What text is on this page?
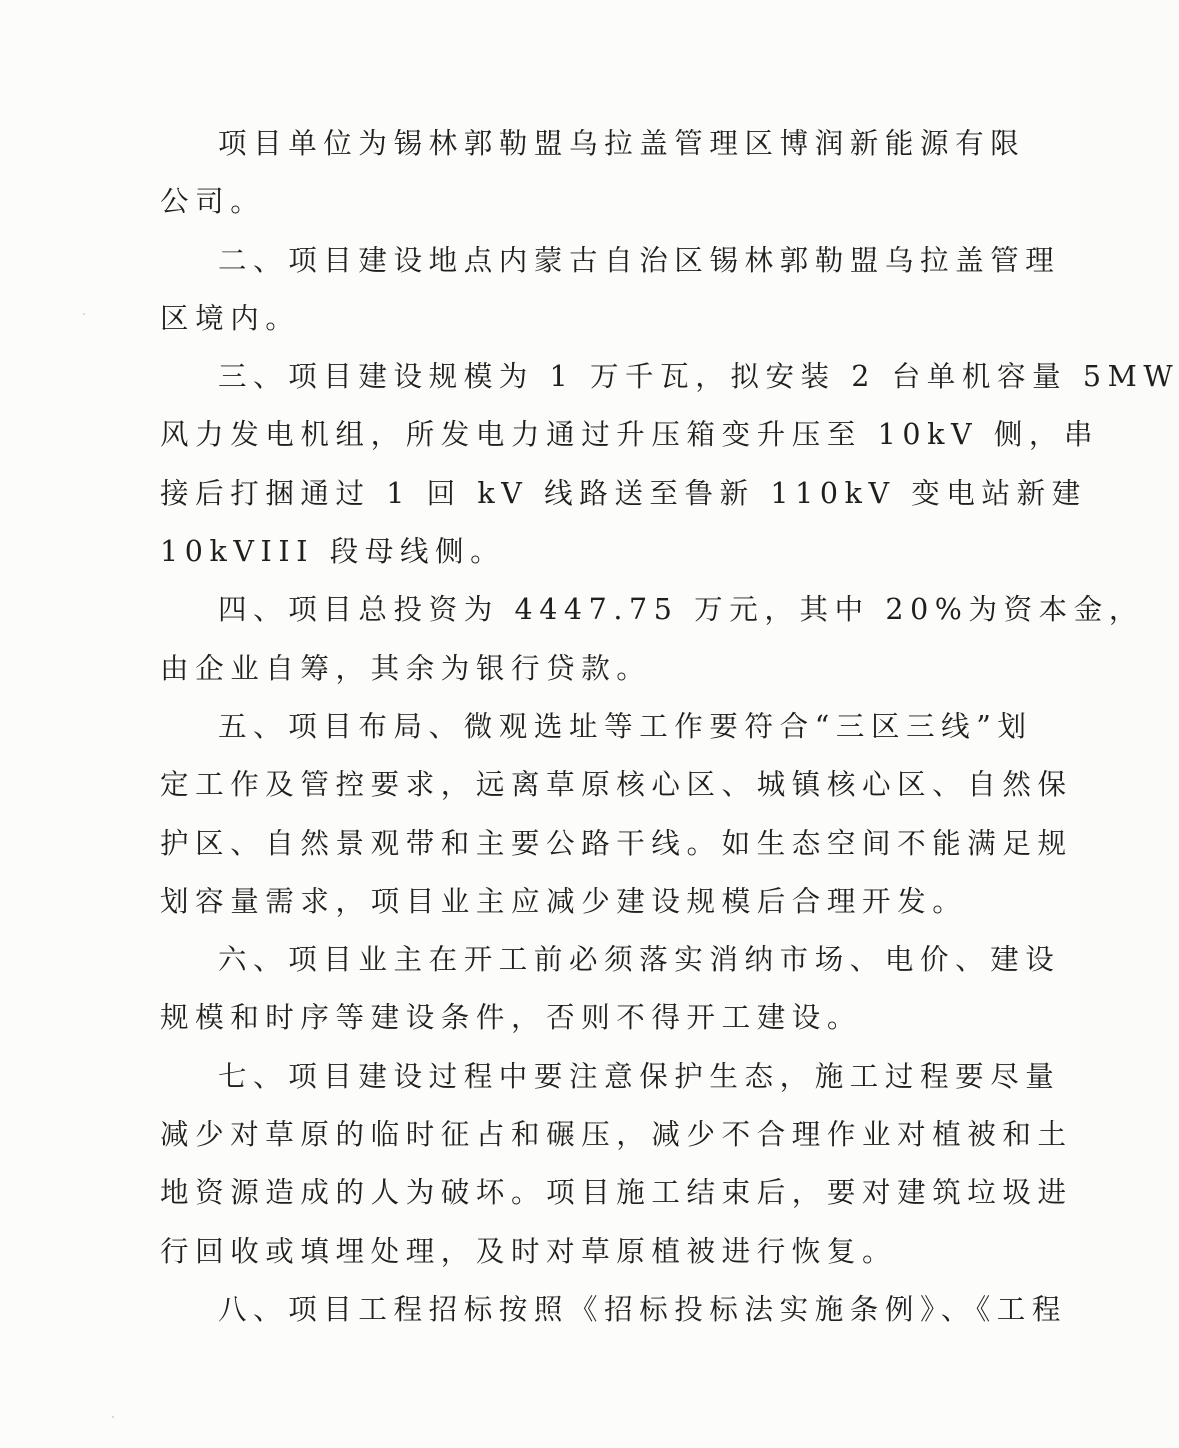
项目单位为锡林郭勒盟乌拉盖管理区博润新能源有限
公司。
二、项目建设地点内蒙古自治区锡林郭勒盟乌拉盖管理
区境内。
三、项目建设规模为 1 万千瓦，拟安装 2 台单机容量 5MW
风力发电机组，所发电力通过升压箱变升压至 10kV 侧，串
接后打捆通过 1 回 kV 线路送至鲁新 110kV 变电站新建
10kVIII 段母线侧。
四、项目总投资为 4447.75 万元，其中 20%为资本金，
由企业自筹，其余为银行贷款。
五、项目布局、微观选址等工作要符合“三区三线”划
定工作及管控要求，远离草原核心区、城镇核心区、自然保
护区、自然景观带和主要公路干线。如生态空间不能满足规
划容量需求，项目业主应减少建设规模后合理开发。
六、项目业主在开工前必须落实消纳市场、电价、建设
规模和时序等建设条件，否则不得开工建设。
七、项目建设过程中要注意保护生态，施工过程要尽量
减少对草原的临时征占和碾压，减少不合理作业对植被和土
地资源造成的人为破坏。项目施工结束后，要对建筑垃圾进
行回收或填埋处理，及时对草原植被进行恢复。
八、项目工程招标按照《招标投标法实施条例》、《工程
